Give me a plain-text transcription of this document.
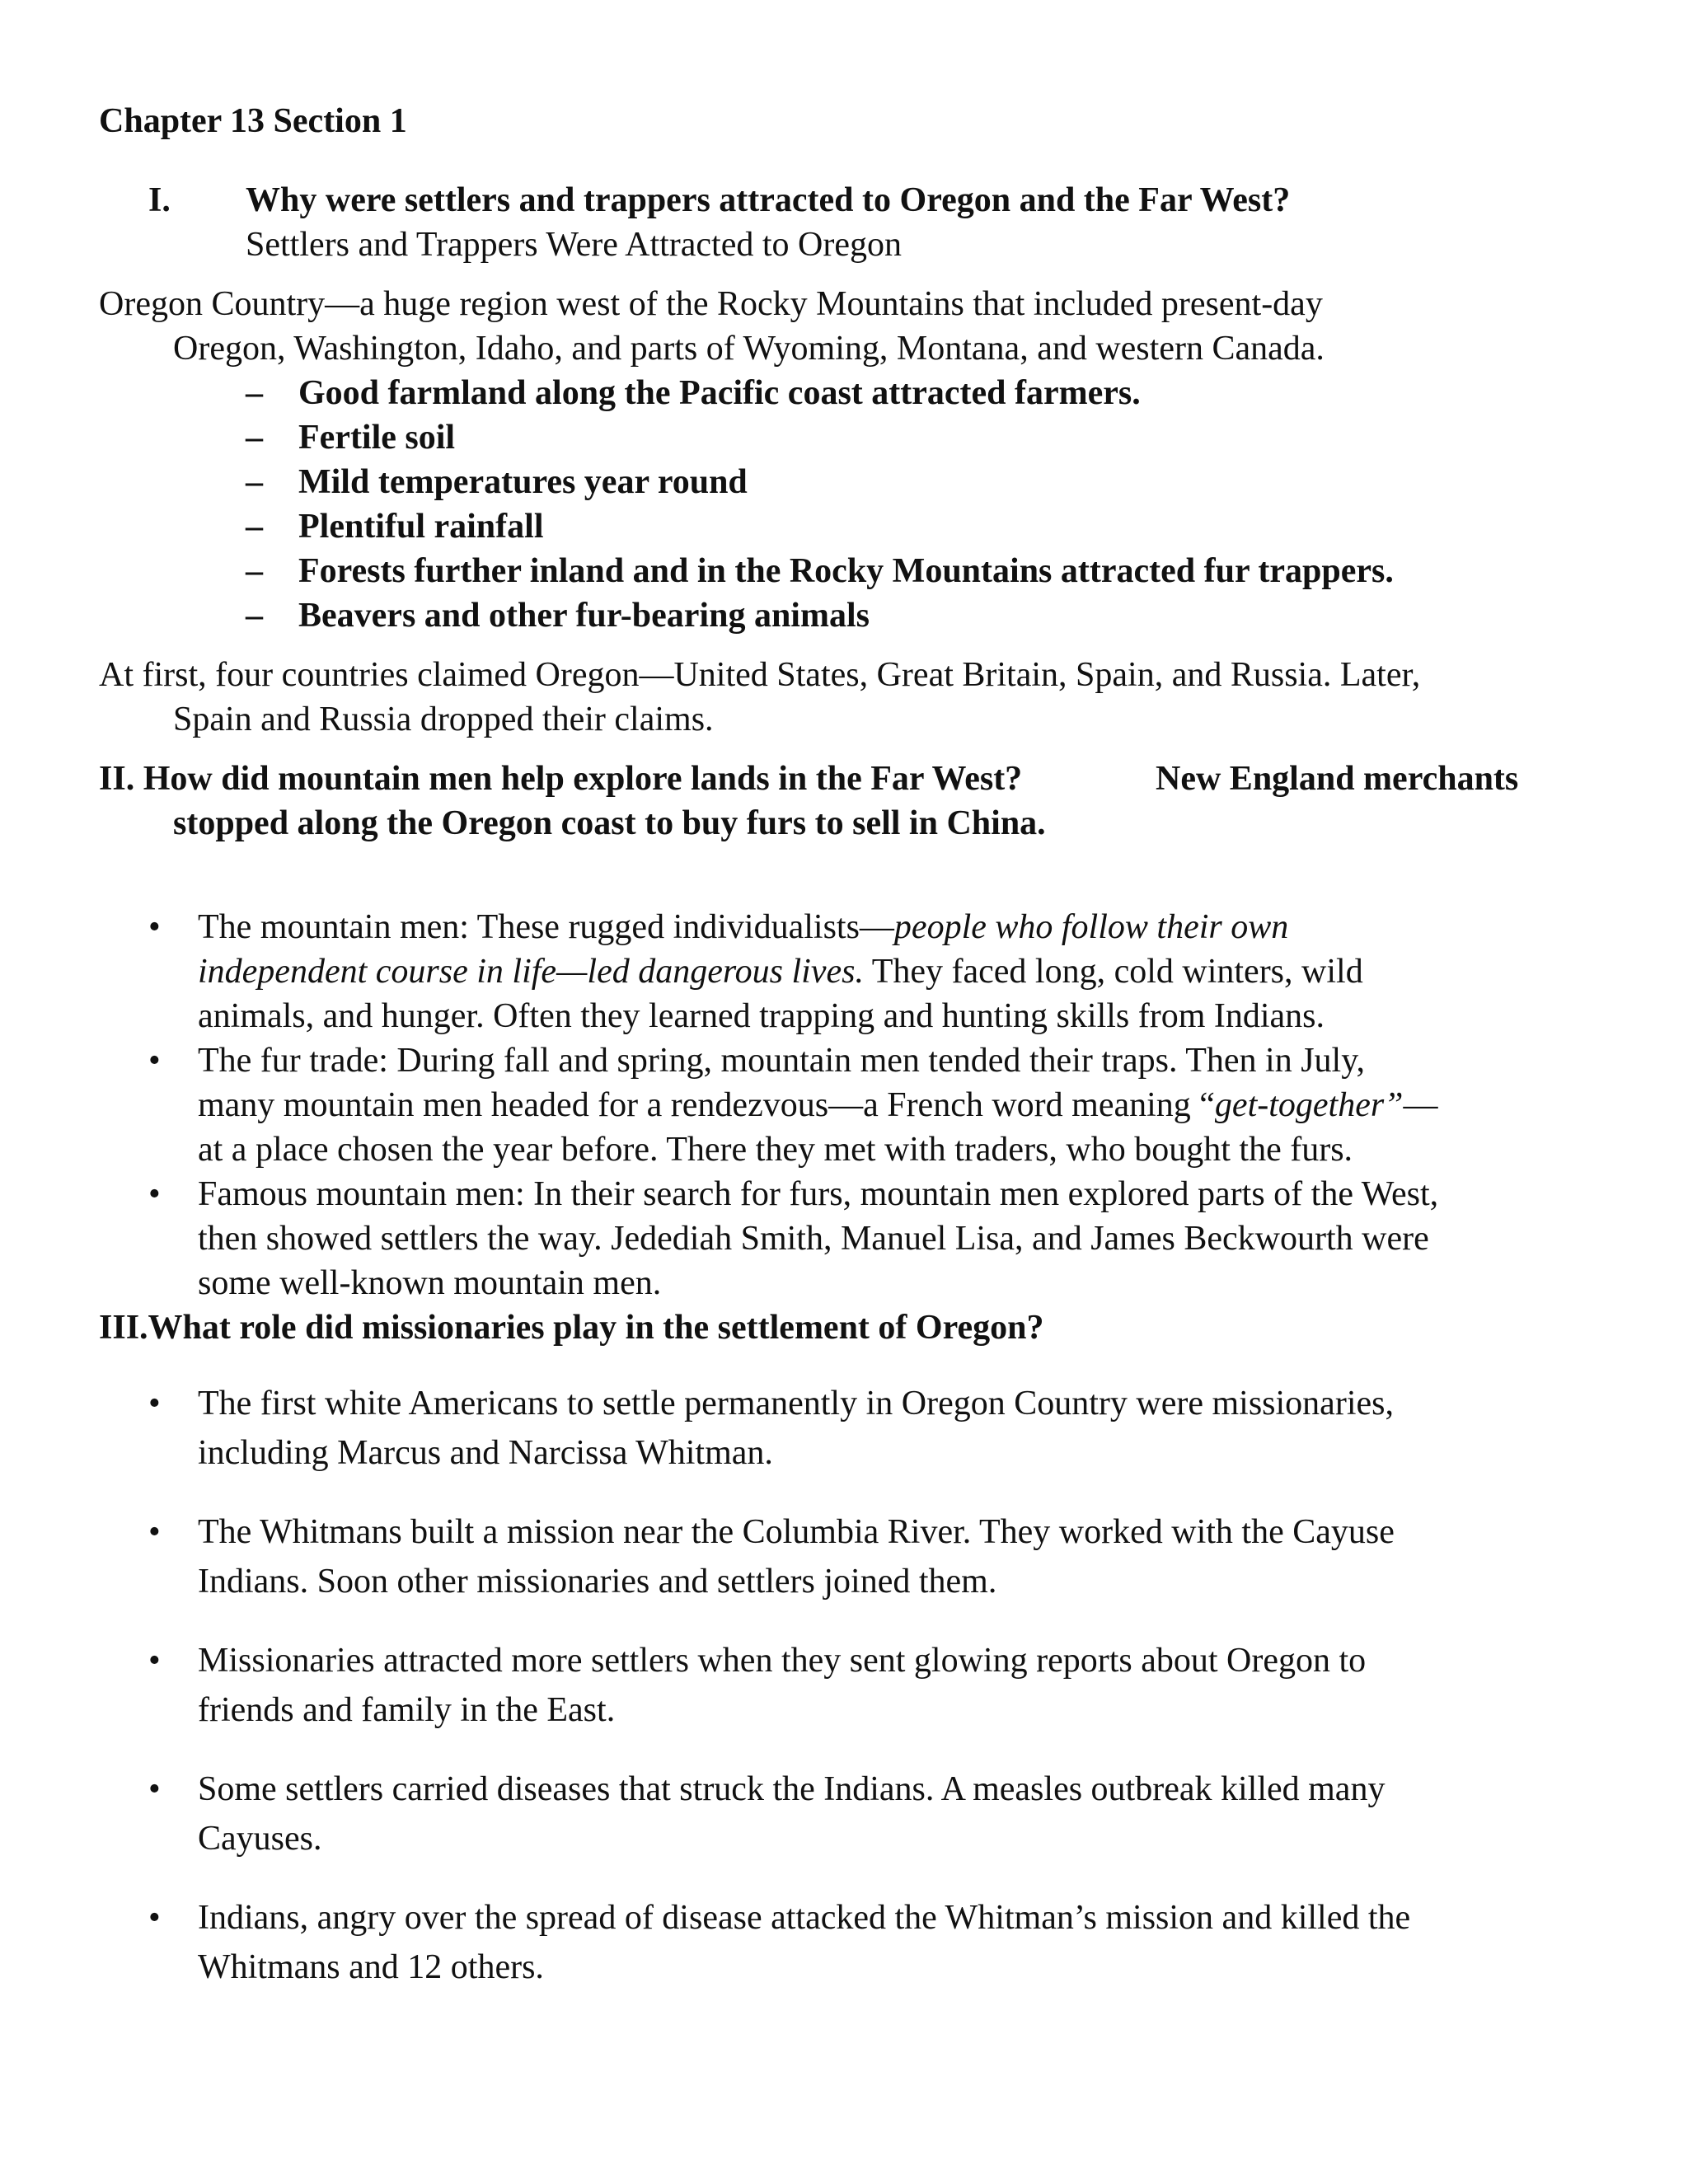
Chapter 13 Section 1
I. Why were settlers and trappers attracted to Oregon and the Far West?
Settlers and Trappers Were Attracted to Oregon
Oregon Country—a huge region west of the Rocky Mountains that included present-day
Oregon, Washington, Idaho, and parts of Wyoming, Montana, and western Canada.
– Good farmland along the Pacific coast attracted farmers.
– Fertile soil
– Mild temperatures year round
– Plentiful rainfall
– Forests further inland and in the Rocky Mountains attracted fur trappers.
– Beavers and other fur-bearing animals
At first, four countries claimed Oregon—United States, Great Britain, Spain, and Russia. Later,
Spain and Russia dropped their claims.
II. How did mountain men help explore lands in the Far West?	New England merchants
stopped along the Oregon coast to buy furs to sell in China.
• The mountain men: These rugged individualists—people who follow their own
independent course in life—led dangerous lives. They faced long, cold winters, wild
animals, and hunger. Often they learned trapping and hunting skills from Indians.
• The fur trade: During fall and spring, mountain men tended their traps. Then in July,
many mountain men headed for a rendezvous—a French word meaning “get-together”—
at a place chosen the year before. There they met with traders, who bought the furs.
• Famous mountain men: In their search for furs, mountain men explored parts of the West,
then showed settlers the way. Jedediah Smith, Manuel Lisa, and James Beckwourth were
some well-known mountain men.
III.What role did missionaries play in the settlement of Oregon?
• The first white Americans to settle permanently in Oregon Country were missionaries,
including Marcus and Narcissa Whitman.
• The Whitmans built a mission near the Columbia River. They worked with the Cayuse
Indians. Soon other missionaries and settlers joined them.
• Missionaries attracted more settlers when they sent glowing reports about Oregon to
friends and family in the East.
• Some settlers carried diseases that struck the Indians. A measles outbreak killed many
Cayuses.
• Indians, angry over the spread of disease attacked the Whitman’s mission and killed the
Whitmans and 12 others.
